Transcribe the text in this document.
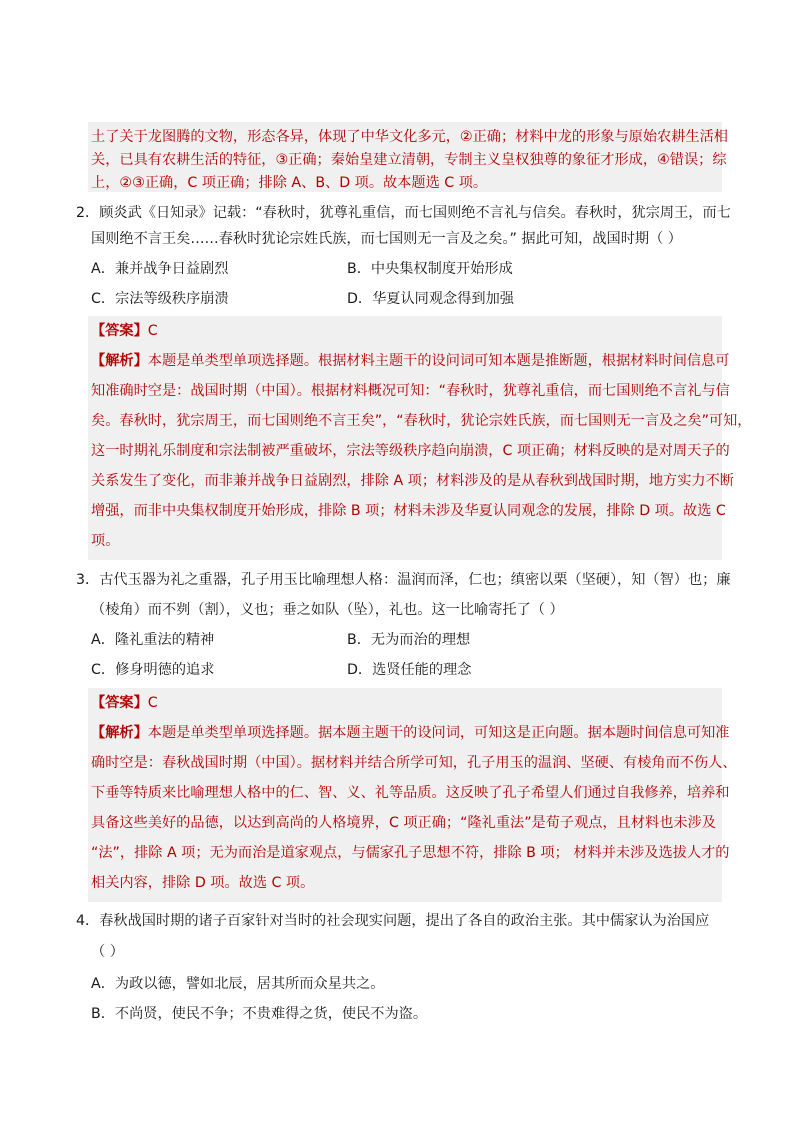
土了关于龙图腾的文物，形态各异，体现了中华文化多元，②正确；材料中龙的形象与原始农耕生活相
关，已具有农耕生活的特征，③正确；秦始皇建立清朝，专制主义皇权独尊的象征才形成，④错误；综
上，②③正确，C 项正确；排除 A、B、D 项。故本题选 C 项。
2．顾炎武《日知录》记载：“春秋时，犹尊礼重信，而七国则绝不言礼与信矣。春秋时，犹宗周王，而七
国则绝不言王矣……春秋时犹论宗姓氏族，而七国则无一言及之矣。” 据此可知，战国时期（ ）
A．兼并战争日益剧烈	B．中央集权制度开始形成
C．宗法等级秩序崩溃	D．华夏认同观念得到加强
【答案】C
【解析】本题是单类型单项选择题。根据材料主题干的设问词可知本题是推断题，根据材料时间信息可
知准确时空是：战国时期（中国）。根据材料概况可知：“春秋时，犹尊礼重信，而七国则绝不言礼与信
矣。春秋时，犹宗周王，而七国则绝不言王矣”，“春秋时，犹论宗姓氏族，而七国则无一言及之矣”可知，
这一时期礼乐制度和宗法制被严重破坏，宗法等级秩序趋向崩溃，C 项正确；材料反映的是对周天子的
关系发生了变化，而非兼并战争日益剧烈，排除 A 项；材料涉及的是从春秋到战国时期，地方实力不断
增强，而非中央集权制度开始形成，排除 B 项；材料未涉及华夏认同观念的发展，排除 D 项。故选 C
项。
3．古代玉器为礼之重器，孔子用玉比喻理想人格：温润而泽，仁也；缜密以栗（坚硬），知（智）也；廉
（棱角）而不刿（割），义也；垂之如队（坠），礼也。这一比喻寄托了（ ）
A．隆礼重法的精神	B．无为而治的理想
C．修身明德的追求	D．选贤任能的理念
【答案】C
【解析】本题是单类型单项选择题。据本题主题干的设问词，可知这是正向题。据本题时间信息可知准
确时空是：春秋战国时期（中国）。据材料并结合所学可知，孔子用玉的温润、坚硬、有棱角而不伤人、
下垂等特质来比喻理想人格中的仁、智、义、礼等品质。这反映了孔子希望人们通过自我修养，培养和
具备这些美好的品德，以达到高尚的人格境界，C 项正确；“隆礼重法”是荀子观点，且材料也未涉及
“法”，排除 A 项；无为而治是道家观点，与儒家孔子思想不符，排除 B 项； 材料并未涉及选拔人才的
相关内容，排除 D 项。故选 C 项。
4．春秋战国时期的诸子百家针对当时的社会现实问题，提出了各自的政治主张。其中儒家认为治国应
（ ）
A．为政以德，譬如北辰，居其所而众星共之。
B．不尚贤，使民不争；不贵难得之货，使民不为盗。
